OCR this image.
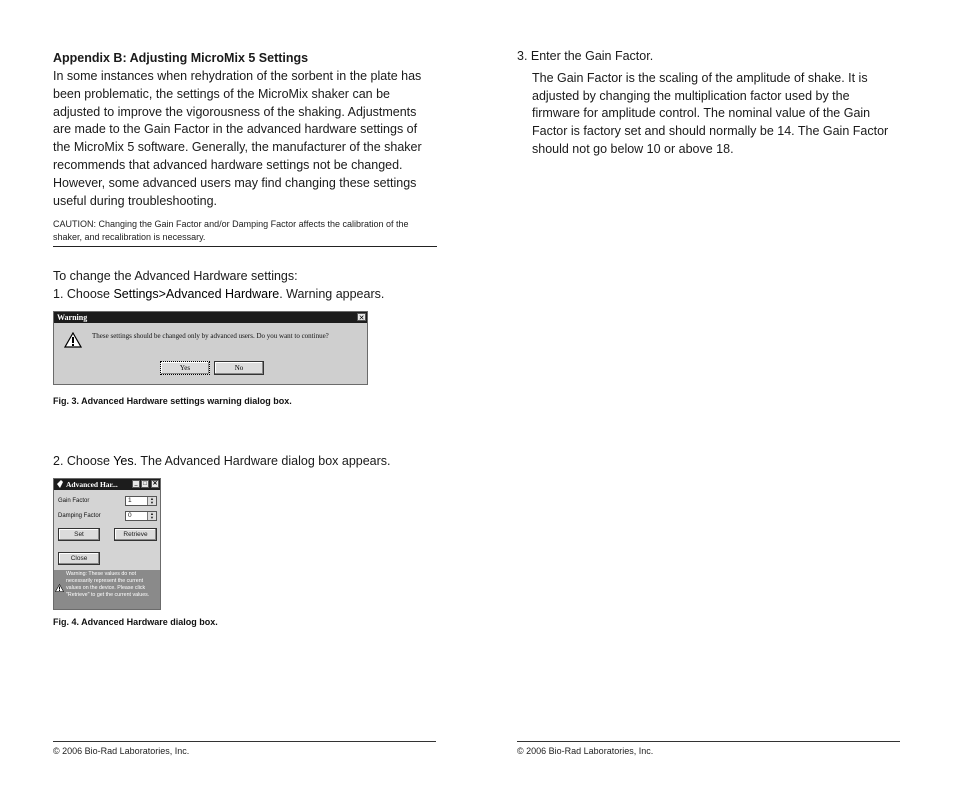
Appendix B: Adjusting MicroMix 5 Settings

In some instances when rehydration of the sorbent in the plate has been problematic, the settings of the MicroMix shaker can be adjusted to improve the vigorousness of the shaking. Adjustments are made to the Gain Factor in the advanced hardware settings of the MicroMix 5 software. Generally, the manufacturer of the shaker recommends that advanced hardware settings not be changed. However, some advanced users may find changing these settings useful during troubleshooting.

CAUTION: Changing the Gain Factor and/or Damping Factor affects the calibration of the shaker, and recalibration is necessary.

To change the Advanced Hardware settings:

1. Choose Settings>Advanced Hardware. Warning appears.

Warning	✕
These settings should be changed only by advanced users. Do you want to continue?
Yes	No
Fig. 3. Advanced Hardware settings warning dialog box.

2. Choose Yes. The Advanced Hardware dialog box appears.

Advanced Har...	_ □ ✕
Gain Factor	1	▲
▼
Damping Factor	0	▲
▼
Set	Retrieve
Close
Warning: These values do not necessarily represent the current values on the device. Please click "Retrieve" to get the current values.
Fig. 4. Advanced Hardware dialog box.

3. Enter the Gain Factor.

The Gain Factor is the scaling of the amplitude of shake. It is adjusted by changing the multiplication factor used by the firmware for amplitude control. The nominal value of the Gain Factor is factory set and should normally be 14. The Gain Factor should not go below 10 or above 18.

© 2006 Bio-Rad Laboratories, Inc.	© 2006 Bio-Rad Laboratories, Inc.
